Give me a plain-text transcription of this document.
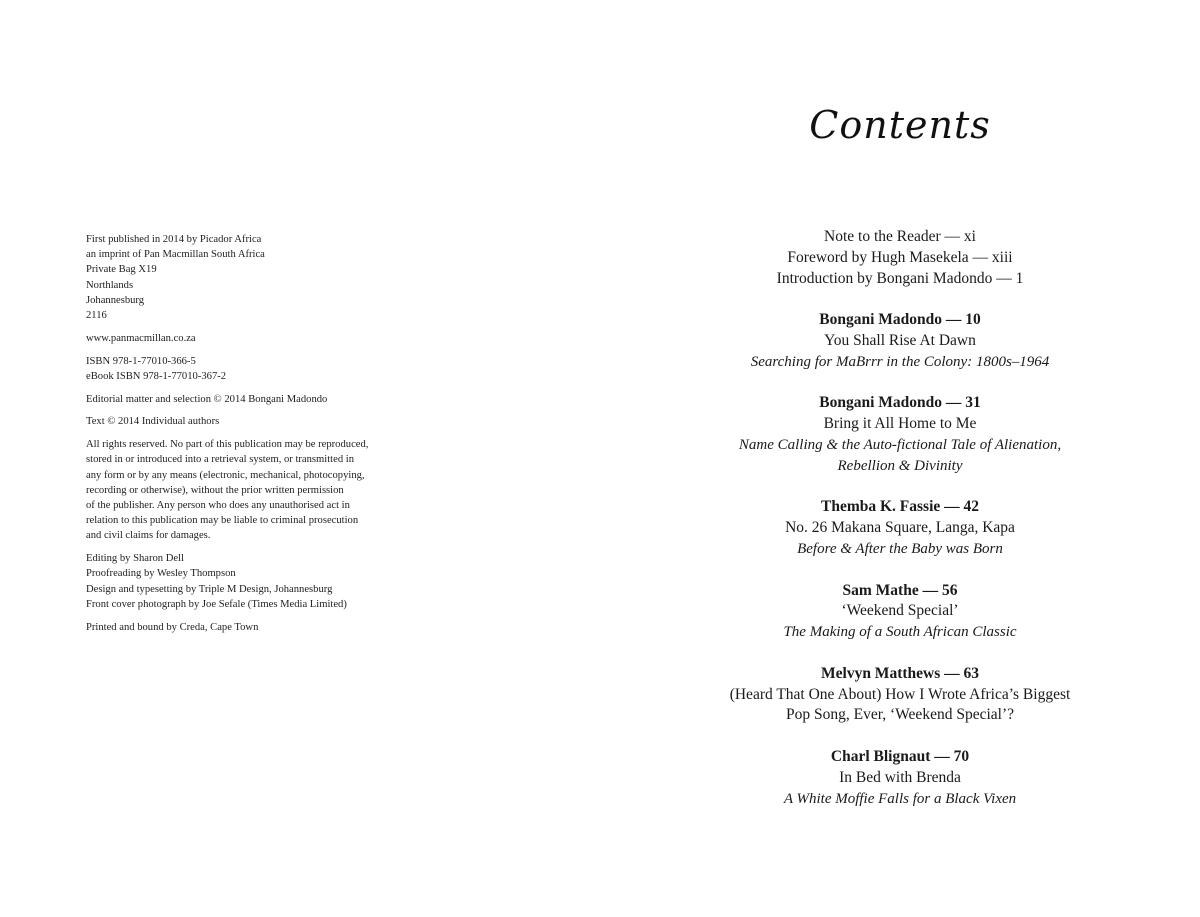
First published in 2014 by Picador Africa
an imprint of Pan Macmillan South Africa
Private Bag X19
Northlands
Johannesburg
2116
www.panmacmillan.co.za
ISBN 978-1-77010-366-5
eBook ISBN 978-1-77010-367-2
Editorial matter and selection © 2014 Bongani Madondo
Text © 2014 Individual authors
All rights reserved. No part of this publication may be reproduced,
stored in or introduced into a retrieval system, or transmitted in
any form or by any means (electronic, mechanical, photocopying,
recording or otherwise), without the prior written permission
of the publisher. Any person who does any unauthorised act in
relation to this publication may be liable to criminal prosecution
and civil claims for damages.
Editing by Sharon Dell
Proofreading by Wesley Thompson
Design and typesetting by Triple M Design, Johannesburg
Front cover photograph by Joe Sefale (Times Media Limited)
Printed and bound by Creda, Cape Town
Contents
Note to the Reader — xi
Foreword by Hugh Masekela — xiii
Introduction by Bongani Madondo — 1
Bongani Madondo — 10
You Shall Rise At Dawn
Searching for MaBrrr in the Colony: 1800s–1964
Bongani Madondo — 31
Bring it All Home to Me
Name Calling & the Auto-fictional Tale of Alienation,
Rebellion & Divinity
Themba K. Fassie — 42
No. 26 Makana Square, Langa, Kapa
Before & After the Baby was Born
Sam Mathe — 56
‘Weekend Special’
The Making of a South African Classic
Melvyn Matthews — 63
(Heard That One About) How I Wrote Africa’s Biggest
Pop Song, Ever, ‘Weekend Special’?
Charl Blignaut — 70
In Bed with Brenda
A White Moffie Falls for a Black Vixen
